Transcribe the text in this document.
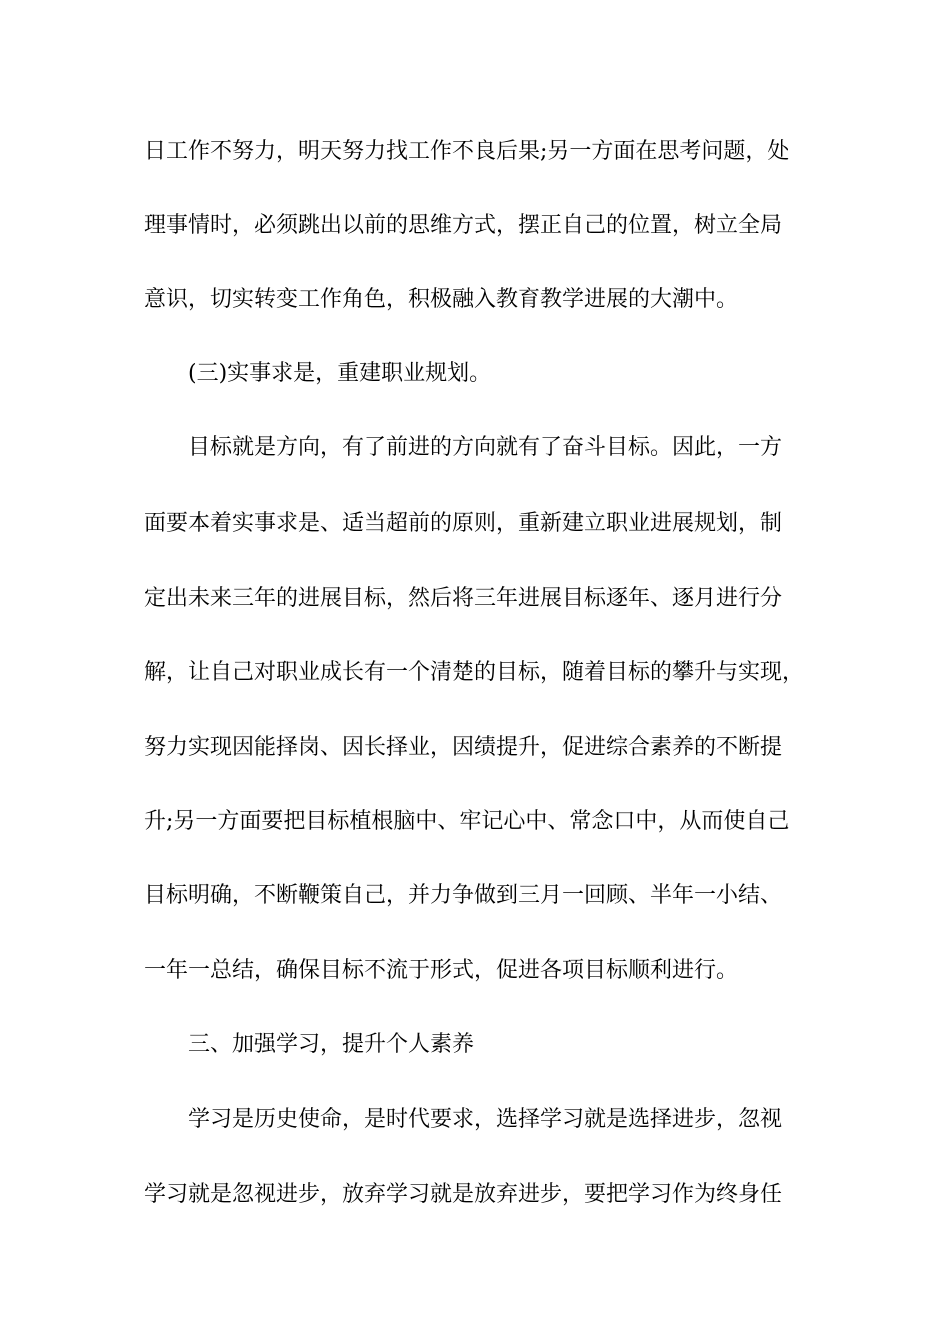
日工作不努力，明天努力找工作不良后果;另一方面在思考问题，处

理事情时，必须跳出以前的思维方式，摆正自己的位置，树立全局

意识，切实转变工作角色，积极融入教育教学进展的大潮中。

(三)实事求是，重建职业规划。

目标就是方向，有了前进的方向就有了奋斗目标。因此，一方

面要本着实事求是、适当超前的原则，重新建立职业进展规划，制

定出未来三年的进展目标，然后将三年进展目标逐年、逐月进行分

解，让自己对职业成长有一个清楚的目标，随着目标的攀升与实现，

努力实现因能择岗、因长择业，因绩提升，促进综合素养的不断提

升;另一方面要把目标植根脑中、牢记心中、常念口中，从而使自己

目标明确，不断鞭策自己，并力争做到三月一回顾、半年一小结、

一年一总结，确保目标不流于形式，促进各项目标顺利进行。

三、加强学习，提升个人素养

学习是历史使命，是时代要求，选择学习就是选择进步，忽视

学习就是忽视进步，放弃学习就是放弃进步，要把学习作为终身任
